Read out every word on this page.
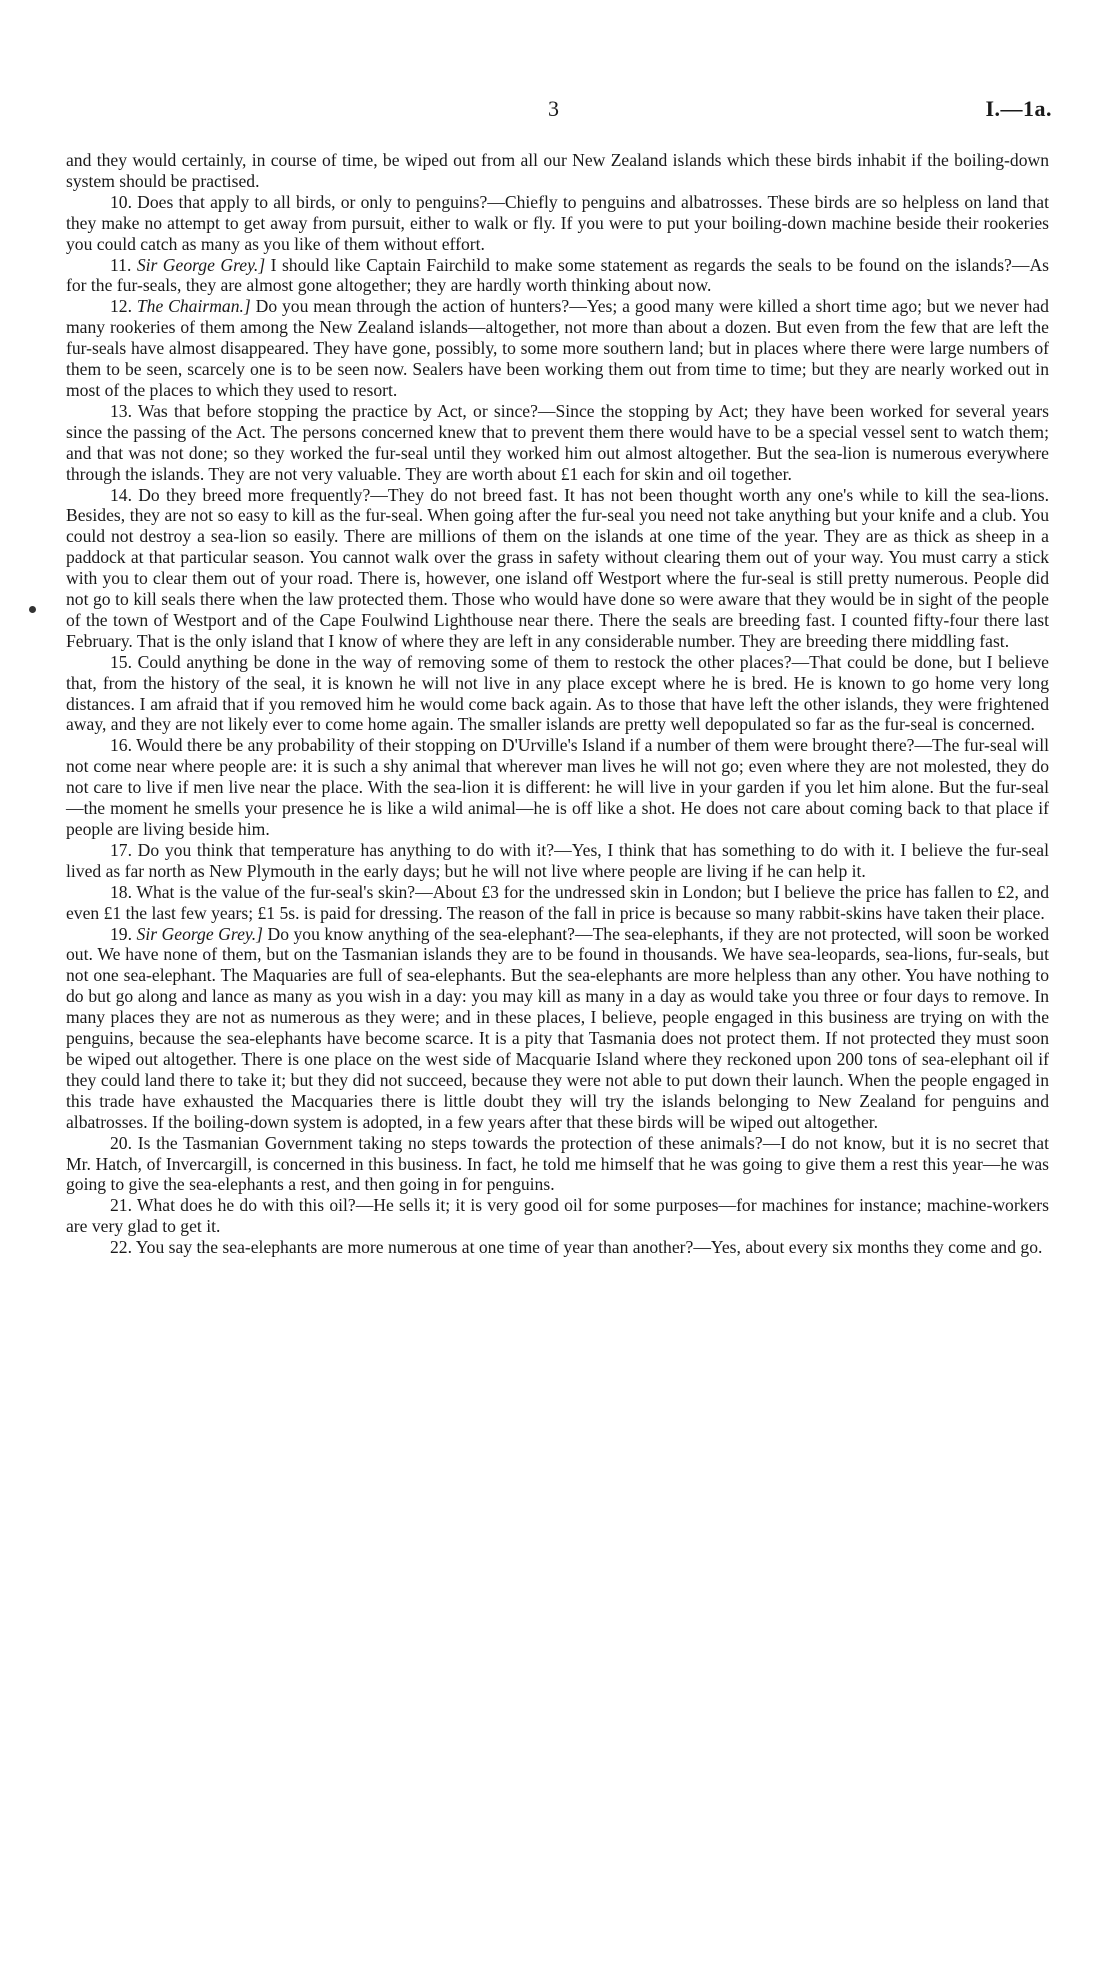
3	I.—1a.

and they would certainly, in course of time, be wiped out from all our New Zealand islands which these birds inhabit if the boiling-down system should be practised.

10. Does that apply to all birds, or only to penguins?—Chiefly to penguins and albatrosses. These birds are so helpless on land that they make no attempt to get away from pursuit, either to walk or fly. If you were to put your boiling-down machine beside their rookeries you could catch as many as you like of them without effort.

11. Sir George Grey.] I should like Captain Fairchild to make some statement as regards the seals to be found on the islands?—As for the fur-seals, they are almost gone altogether; they are hardly worth thinking about now.

12. The Chairman.] Do you mean through the action of hunters?—Yes; a good many were killed a short time ago; but we never had many rookeries of them among the New Zealand islands—altogether, not more than about a dozen. But even from the few that are left the fur-seals have almost disappeared. They have gone, possibly, to some more southern land; but in places where there were large numbers of them to be seen, scarcely one is to be seen now. Sealers have been working them out from time to time; but they are nearly worked out in most of the places to which they used to resort.

13. Was that before stopping the practice by Act, or since?—Since the stopping by Act; they have been worked for several years since the passing of the Act. The persons concerned knew that to prevent them there would have to be a special vessel sent to watch them; and that was not done; so they worked the fur-seal until they worked him out almost altogether. But the sea-lion is numerous everywhere through the islands. They are not very valuable. They are worth about £1 each for skin and oil together.

14. Do they breed more frequently?—They do not breed fast. It has not been thought worth any one's while to kill the sea-lions. Besides, they are not so easy to kill as the fur-seal. When going after the fur-seal you need not take anything but your knife and a club. You could not destroy a sea-lion so easily. There are millions of them on the islands at one time of the year. They are as thick as sheep in a paddock at that particular season. You cannot walk over the grass in safety without clearing them out of your way. You must carry a stick with you to clear them out of your road. There is, however, one island off Westport where the fur-seal is still pretty numerous. People did not go to kill seals there when the law protected them. Those who would have done so were aware that they would be in sight of the people of the town of Westport and of the Cape Foulwind Lighthouse near there. There the seals are breeding fast. I counted fifty-four there last February. That is the only island that I know of where they are left in any considerable number. They are breeding there middling fast.

15. Could anything be done in the way of removing some of them to restock the other places?—That could be done, but I believe that, from the history of the seal, it is known he will not live in any place except where he is bred. He is known to go home very long distances. I am afraid that if you removed him he would come back again. As to those that have left the other islands, they were frightened away, and they are not likely ever to come home again. The smaller islands are pretty well depopulated so far as the fur-seal is concerned.

16. Would there be any probability of their stopping on D'Urville's Island if a number of them were brought there?—The fur-seal will not come near where people are: it is such a shy animal that wherever man lives he will not go; even where they are not molested, they do not care to live if men live near the place. With the sea-lion it is different: he will live in your garden if you let him alone. But the fur-seal—the moment he smells your presence he is like a wild animal—he is off like a shot. He does not care about coming back to that place if people are living beside him.

17. Do you think that temperature has anything to do with it?—Yes, I think that has something to do with it. I believe the fur-seal lived as far north as New Plymouth in the early days; but he will not live where people are living if he can help it.

18. What is the value of the fur-seal's skin?—About £3 for the undressed skin in London; but I believe the price has fallen to £2, and even £1 the last few years; £1 5s. is paid for dressing. The reason of the fall in price is because so many rabbit-skins have taken their place.

19. Sir George Grey.] Do you know anything of the sea-elephant?—The sea-elephants, if they are not protected, will soon be worked out. We have none of them, but on the Tasmanian islands they are to be found in thousands. We have sea-leopards, sea-lions, fur-seals, but not one sea-elephant. The Maquaries are full of sea-elephants. But the sea-elephants are more helpless than any other. You have nothing to do but go along and lance as many as you wish in a day: you may kill as many in a day as would take you three or four days to remove. In many places they are not as numerous as they were; and in these places, I believe, people engaged in this business are trying on with the penguins, because the sea-elephants have become scarce. It is a pity that Tasmania does not protect them. If not protected they must soon be wiped out altogether. There is one place on the west side of Macquarie Island where they reckoned upon 200 tons of sea-elephant oil if they could land there to take it; but they did not succeed, because they were not able to put down their launch. When the people engaged in this trade have exhausted the Macquaries there is little doubt they will try the islands belonging to New Zealand for penguins and albatrosses. If the boiling-down system is adopted, in a few years after that these birds will be wiped out altogether.

20. Is the Tasmanian Government taking no steps towards the protection of these animals?—I do not know, but it is no secret that Mr. Hatch, of Invercargill, is concerned in this business. In fact, he told me himself that he was going to give them a rest this year—he was going to give the sea-elephants a rest, and then going in for penguins.

21. What does he do with this oil?—He sells it; it is very good oil for some purposes—for machines for instance; machine-workers are very glad to get it.

22. You say the sea-elephants are more numerous at one time of year than another?—Yes, about every six months they come and go.
